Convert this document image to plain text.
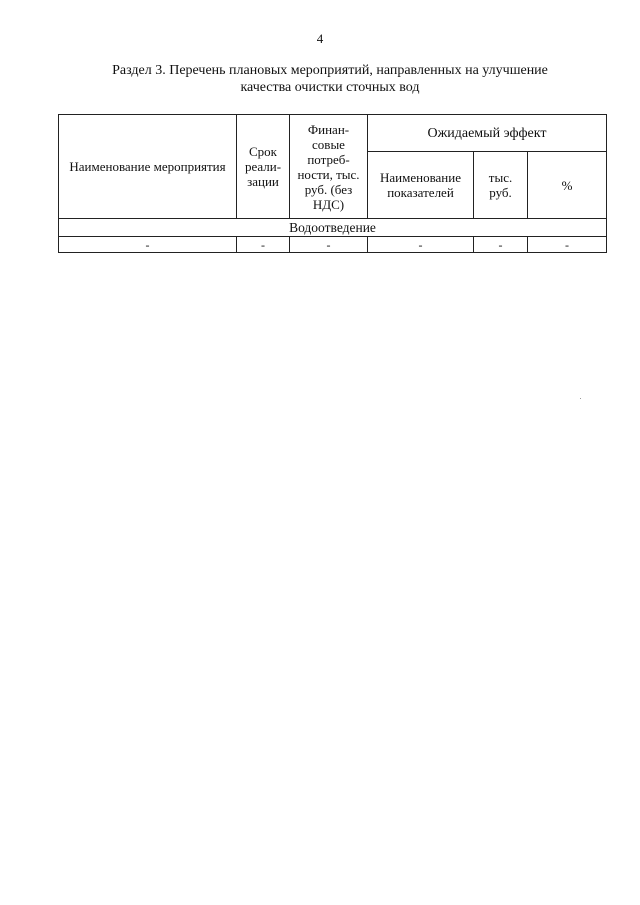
4
Раздел 3. Перечень плановых мероприятий, направленных на улучшение
качества очистки сточных вод
Наименование мероприятия	Срок реали-зации	Финан-совые потреб-ности, тыс. руб. (без НДС)	Ожидаемый эффект		
			Наименование показателей	тыс. руб.	%
Водоотведение					
-	-	-	-	-	-
